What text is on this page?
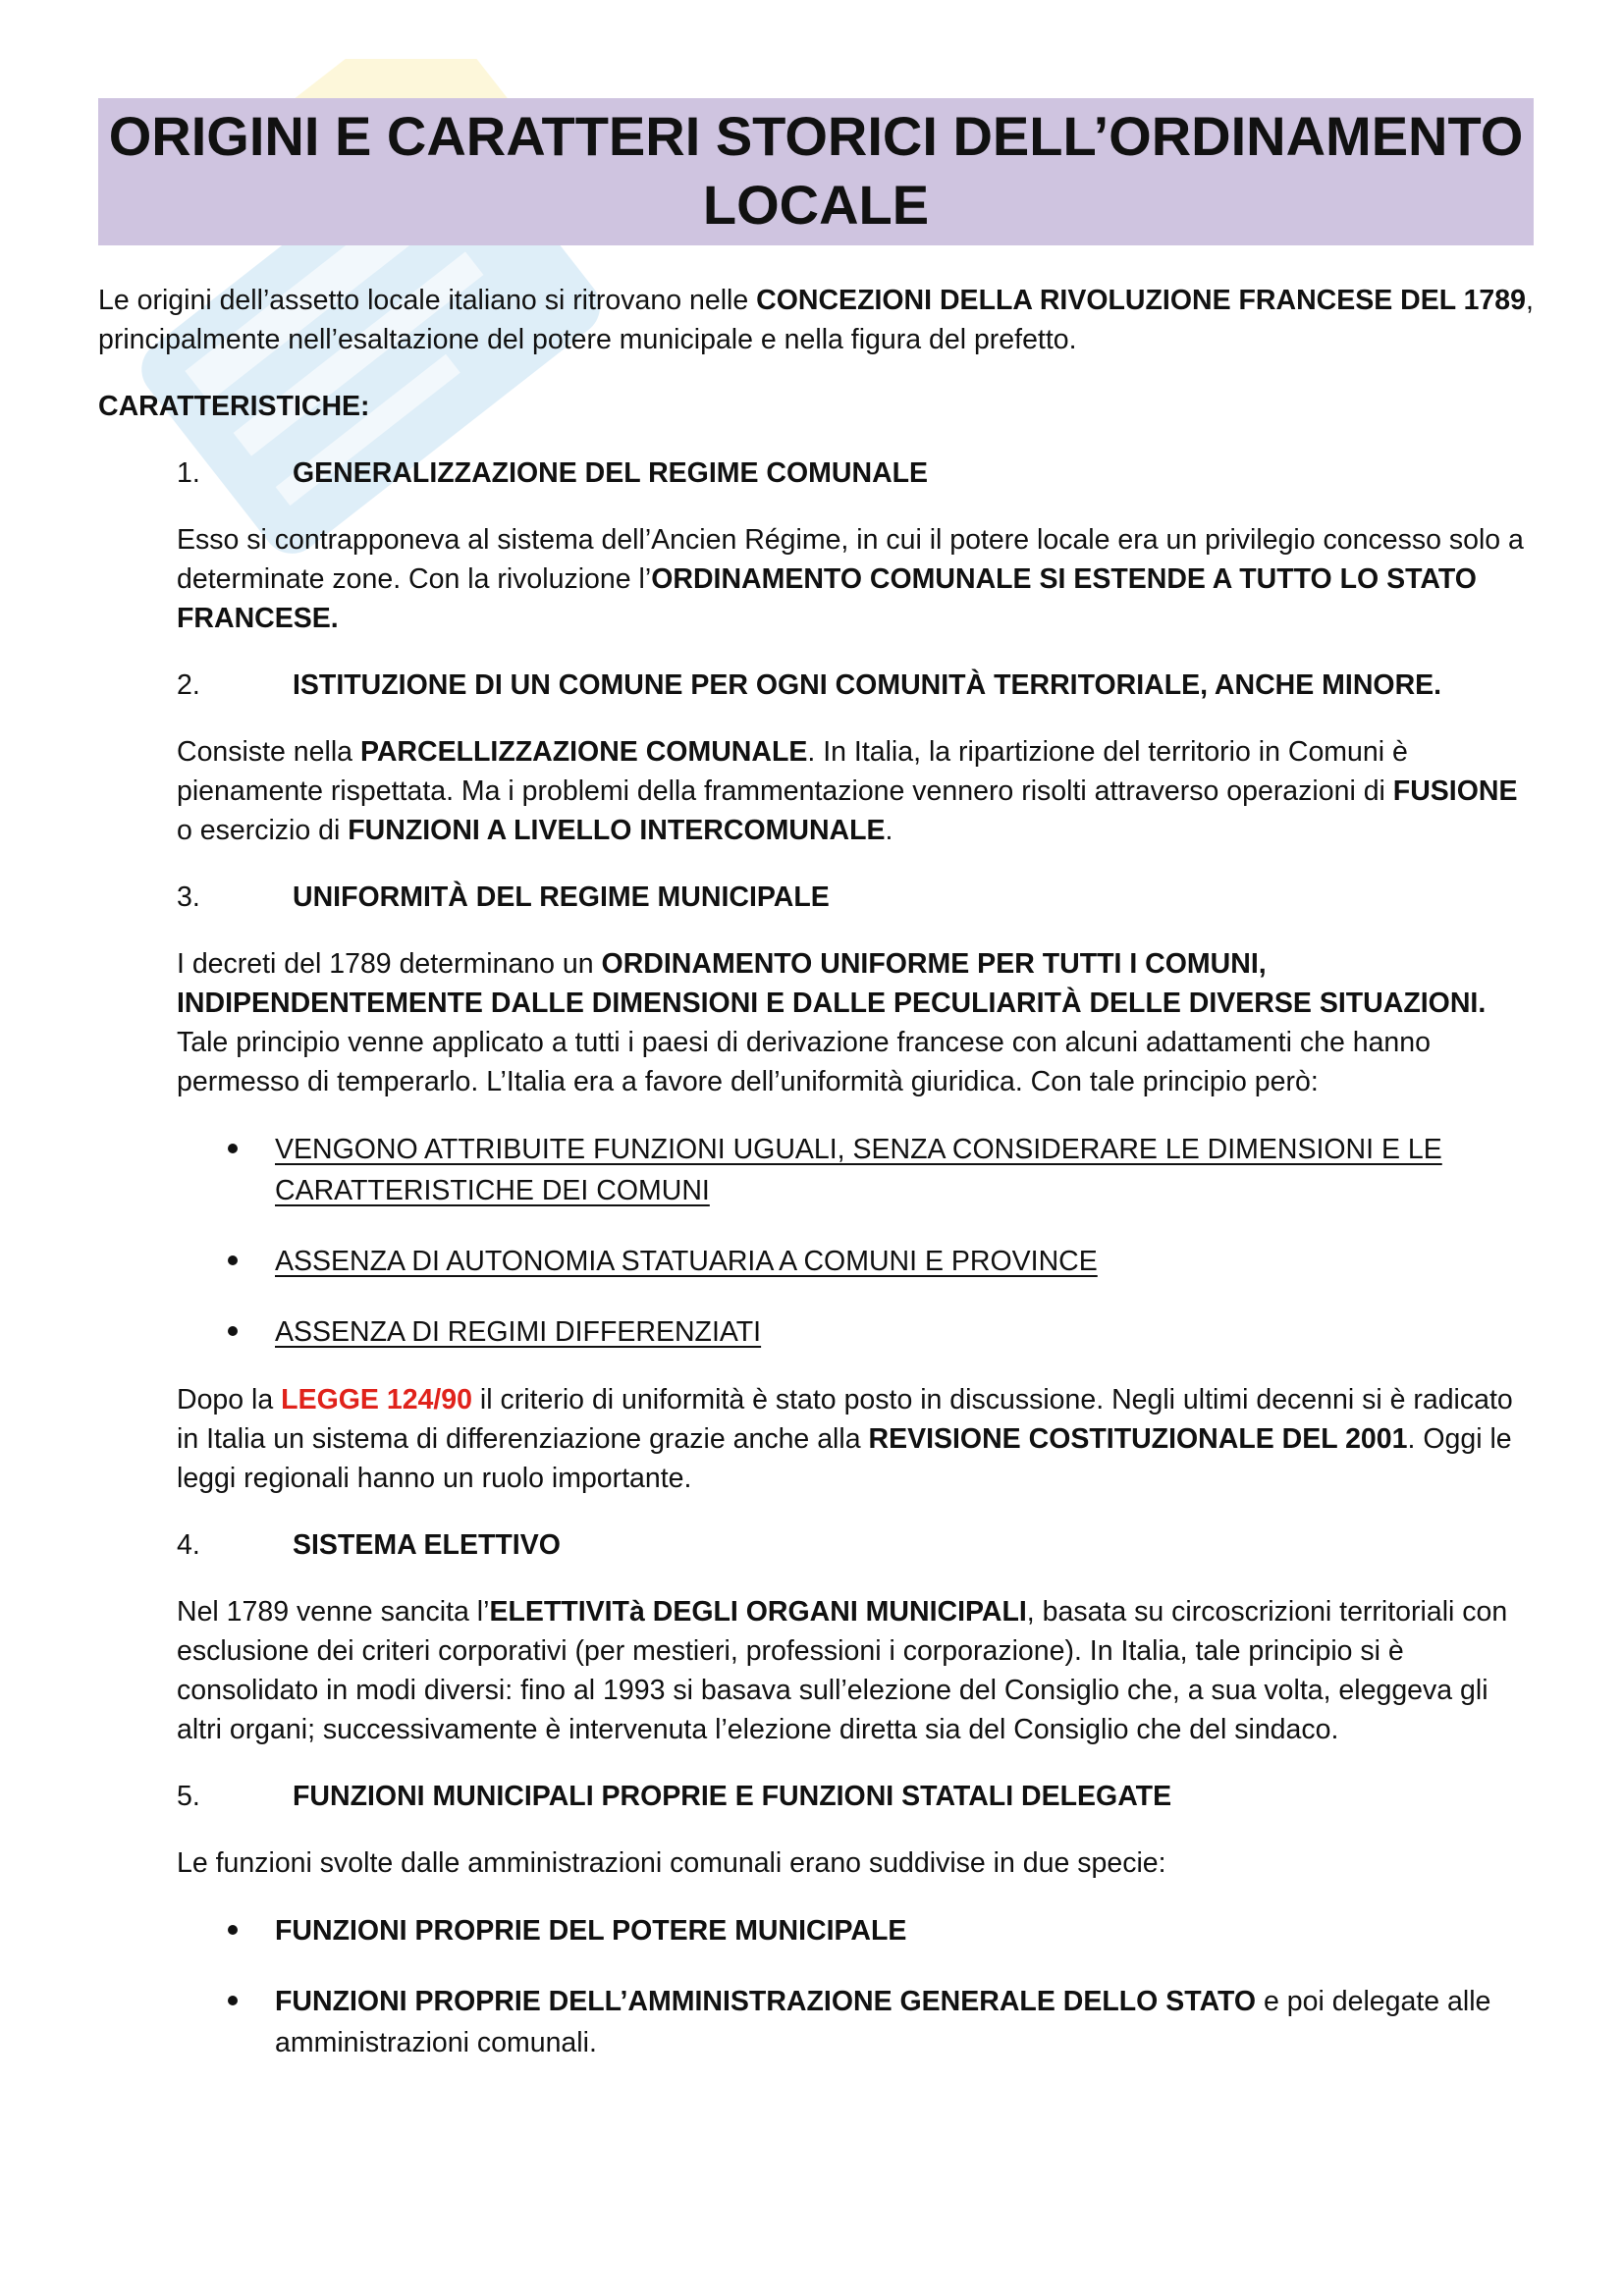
ORIGINI E CARATTERI STORICI DELL’ORDINAMENTO LOCALE

Le origini dell’assetto locale italiano si ritrovano nelle CONCEZIONI DELLA RIVOLUZIONE FRANCESE DEL 1789, principalmente nell’esaltazione del potere municipale e nella figura del prefetto.

CARATTERISTICHE:

1.	GENERALIZZAZIONE DEL REGIME COMUNALE

Esso si contrapponeva al sistema dell’Ancien Régime, in cui il potere locale era un privilegio concesso solo a determinate zone. Con la rivoluzione l’ORDINAMENTO COMUNALE SI ESTENDE A TUTTO LO STATO FRANCESE.

2.	ISTITUZIONE DI UN COMUNE PER OGNI COMUNITÀ TERRITORIALE, ANCHE MINORE.

Consiste nella PARCELLIZZAZIONE COMUNALE. In Italia, la ripartizione del territorio in Comuni è pienamente rispettata. Ma i problemi della frammentazione vennero risolti attraverso operazioni di FUSIONE o esercizio di FUNZIONI A LIVELLO INTERCOMUNALE.

3.	UNIFORMITÀ DEL REGIME MUNICIPALE

I decreti del 1789 determinano un ORDINAMENTO UNIFORME PER TUTTI I COMUNI, INDIPENDENTEMENTE DALLE DIMENSIONI E DALLE PECULIARITÀ DELLE DIVERSE SITUAZIONI. Tale principio venne applicato a tutti i paesi di derivazione francese con alcuni adattamenti che hanno permesso di temperarlo. L’Italia era a favore dell’uniformità giuridica. Con tale principio però:

VENGONO ATTRIBUITE FUNZIONI UGUALI, SENZA CONSIDERARE LE DIMENSIONI E LE CARATTERISTICHE DEI COMUNI
ASSENZA DI AUTONOMIA STATUARIA A COMUNI E PROVINCE
ASSENZA DI REGIMI DIFFERENZIATI

Dopo la LEGGE 124/90 il criterio di uniformità è stato posto in discussione. Negli ultimi decenni si è radicato in Italia un sistema di differenziazione grazie anche alla REVISIONE COSTITUZIONALE DEL 2001. Oggi le leggi regionali hanno un ruolo importante.

4.	SISTEMA ELETTIVO

Nel 1789 venne sancita l’ELETTIVITà DEGLI ORGANI MUNICIPALI, basata su circoscrizioni territoriali con esclusione dei criteri corporativi (per mestieri, professioni i corporazione). In Italia, tale principio si è consolidato in modi diversi: fino al 1993 si basava sull’elezione del Consiglio che, a sua volta, eleggeva gli altri organi; successivamente è intervenuta l’elezione diretta sia del Consiglio che del sindaco.

5.	FUNZIONI MUNICIPALI PROPRIE E FUNZIONI STATALI DELEGATE

Le funzioni svolte dalle amministrazioni comunali erano suddivise in due specie:

FUNZIONI PROPRIE DEL POTERE MUNICIPALE
FUNZIONI PROPRIE DELL’AMMINISTRAZIONE GENERALE DELLO STATO e poi delegate alle amministrazioni comunali.
